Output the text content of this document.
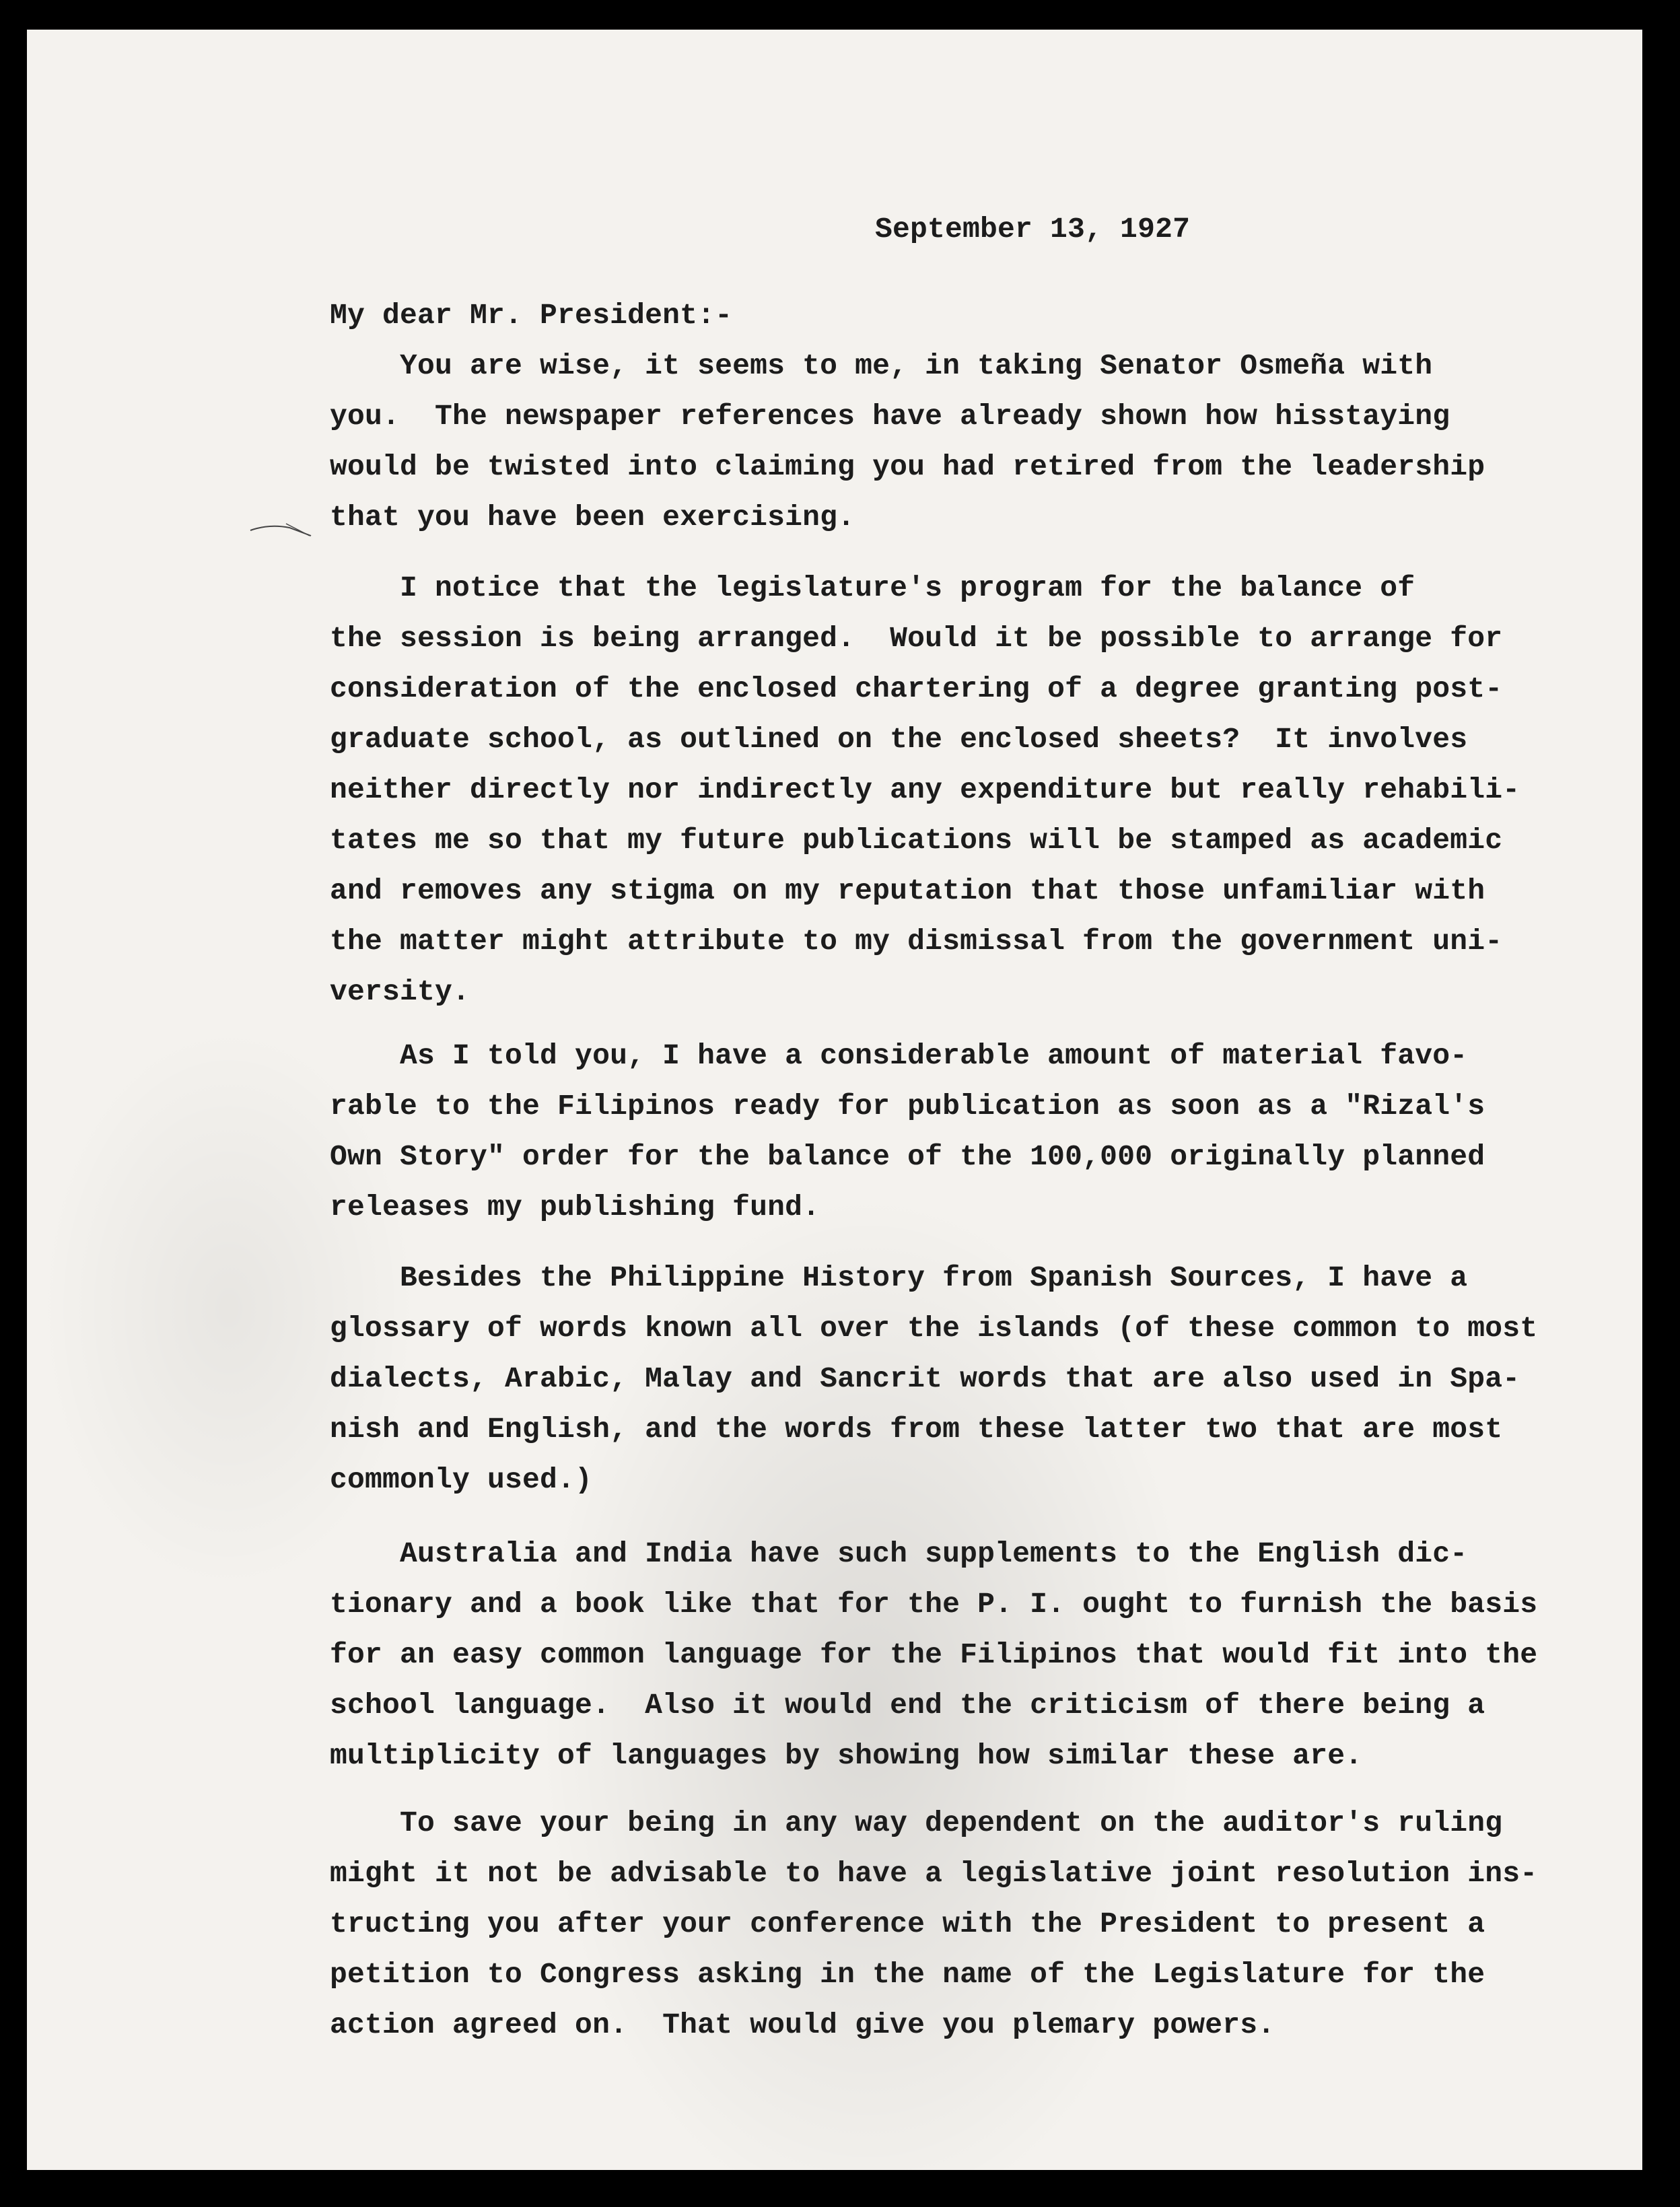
September 13, 1927
My dear Mr. President:-
You are wise, it seems to me, in taking Senator Osmeña with
you.  The newspaper references have already shown how hisstaying
would be twisted into claiming you had retired from the leadership
that you have been exercising.
I notice that the legislature's program for the balance of
the session is being arranged.  Would it be possible to arrange for
consideration of the enclosed chartering of a degree granting post-
graduate school, as outlined on the enclosed sheets?  It involves
neither directly nor indirectly any expenditure but really rehabili-
tates me so that my future publications will be stamped as academic
and removes any stigma on my reputation that those unfamiliar with
the matter might attribute to my dismissal from the government uni-
versity.
As I told you, I have a considerable amount of material favo-
rable to the Filipinos ready for publication as soon as a "Rizal's
Own Story" order for the balance of the 100,000 originally planned
releases my publishing fund.
Besides the Philippine History from Spanish Sources, I have a
glossary of words known all over the islands (of these common to most
dialects, Arabic, Malay and Sancrit words that are also used in Spa-
nish and English, and the words from these latter two that are most
commonly used.)
Australia and India have such supplements to the English dic-
tionary and a book like that for the P. I. ought to furnish the basis
for an easy common language for the Filipinos that would fit into the
school language.  Also it would end the criticism of there being a
multiplicity of languages by showing how similar these are.
To save your being in any way dependent on the auditor's ruling
might it not be advisable to have a legislative joint resolution ins-
tructing you after your conference with the President to present a
petition to Congress asking in the name of the Legislature for the
action agreed on.  That would give you plemary powers.
